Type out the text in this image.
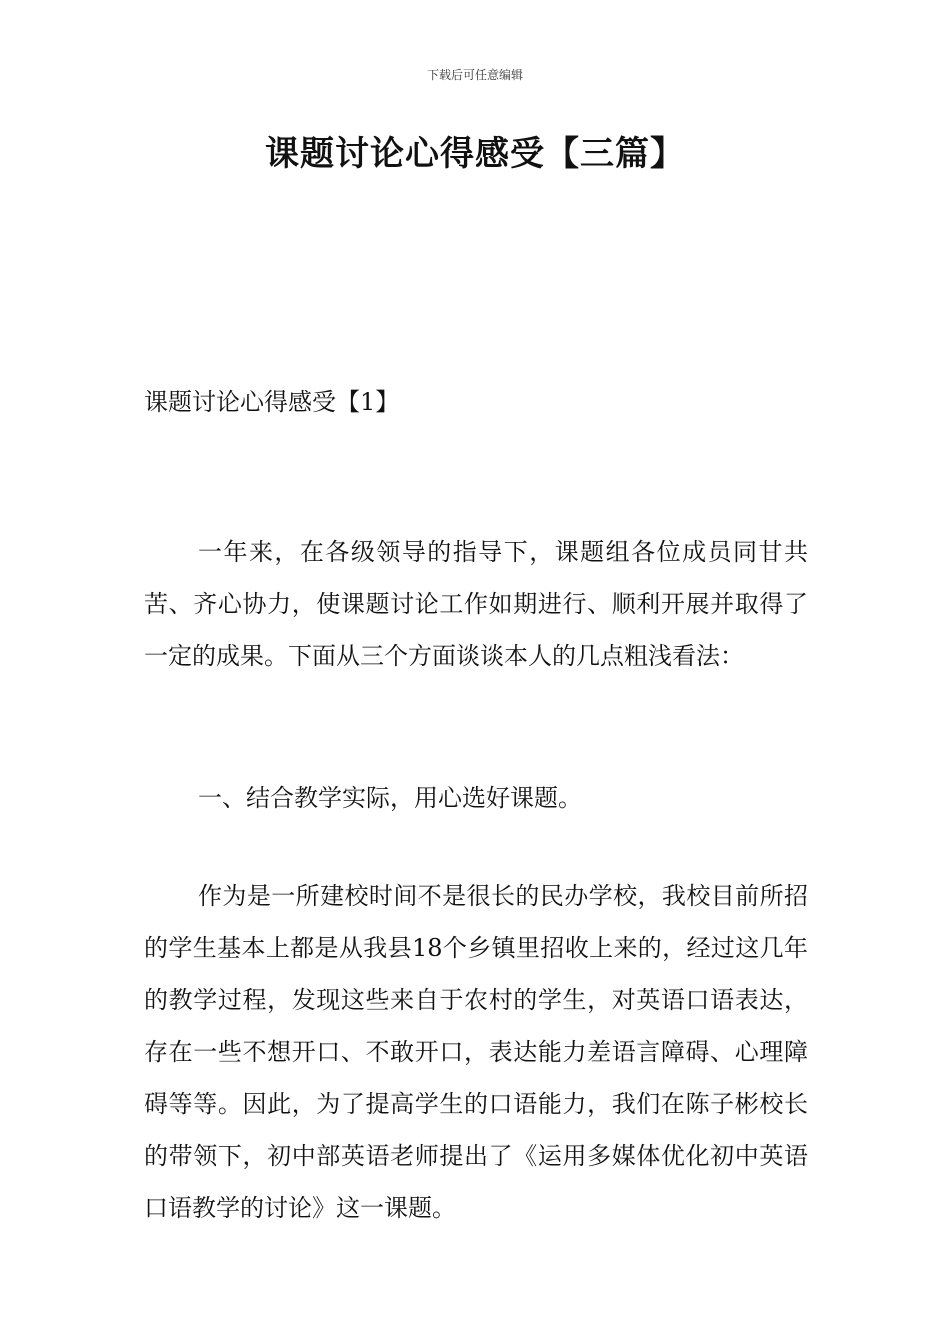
下载后可任意编辑
课题讨论心得感受【三篇】
课题讨论心得感受【1】

一年来，在各级领导的指导下，课题组各位成员同甘共苦、齐心协力，使课题讨论工作如期进行、顺利开展并取得了一定的成果。下面从三个方面谈谈本人的几点粗浅看法：

一、结合教学实际，用心选好课题。

作为是一所建校时间不是很长的民办学校，我校目前所招的学生基本上都是从我县18个乡镇里招收上来的，经过这几年的教学过程，发现这些来自于农村的学生，对英语口语表达，存在一些不想开口、不敢开口，表达能力差语言障碍、心理障碍等等。因此，为了提高学生的口语能力，我们在陈子彬校长的带领下，初中部英语老师提出了《运用多媒体优化初中英语口语教学的讨论》这一课题。
